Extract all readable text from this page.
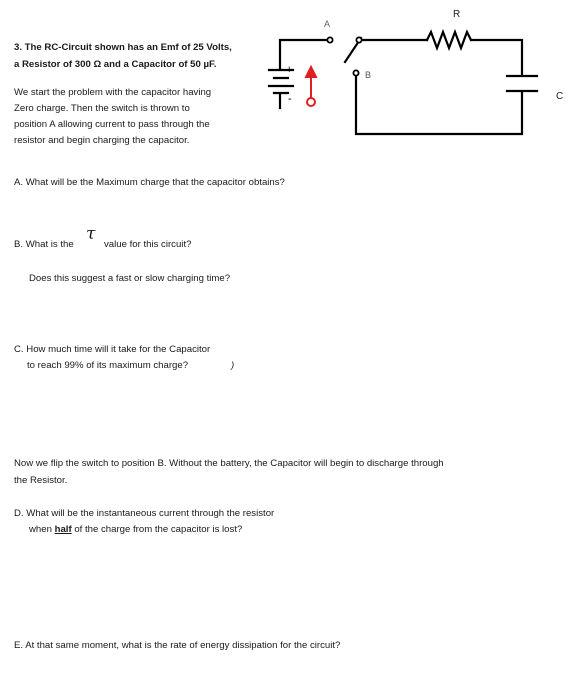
3. The RC-Circuit shown has an Emf of 25 Volts,
a Resistor of 300 Ω and a Capacitor of 50 µF.
We start the problem with the capacitor having
Zero charge. Then the switch is thrown to
position A allowing current to pass through the
resistor and begin charging the capacitor.
A
B
R
C
+
-
A. What will be the Maximum charge that the capacitor obtains?
B. What is the
τ
value for this circuit?
Does this suggest a fast or slow charging time?
C. How much time will it take for the Capacitor
to reach 99% of its maximum charge?	)
Now we flip the switch to position B. Without the battery, the Capacitor will begin to discharge through
the Resistor.
D. What will be the instantaneous current through the resistor
when half of the charge from the capacitor is lost?
E. At that same moment, what is the rate of energy dissipation for the circuit?
